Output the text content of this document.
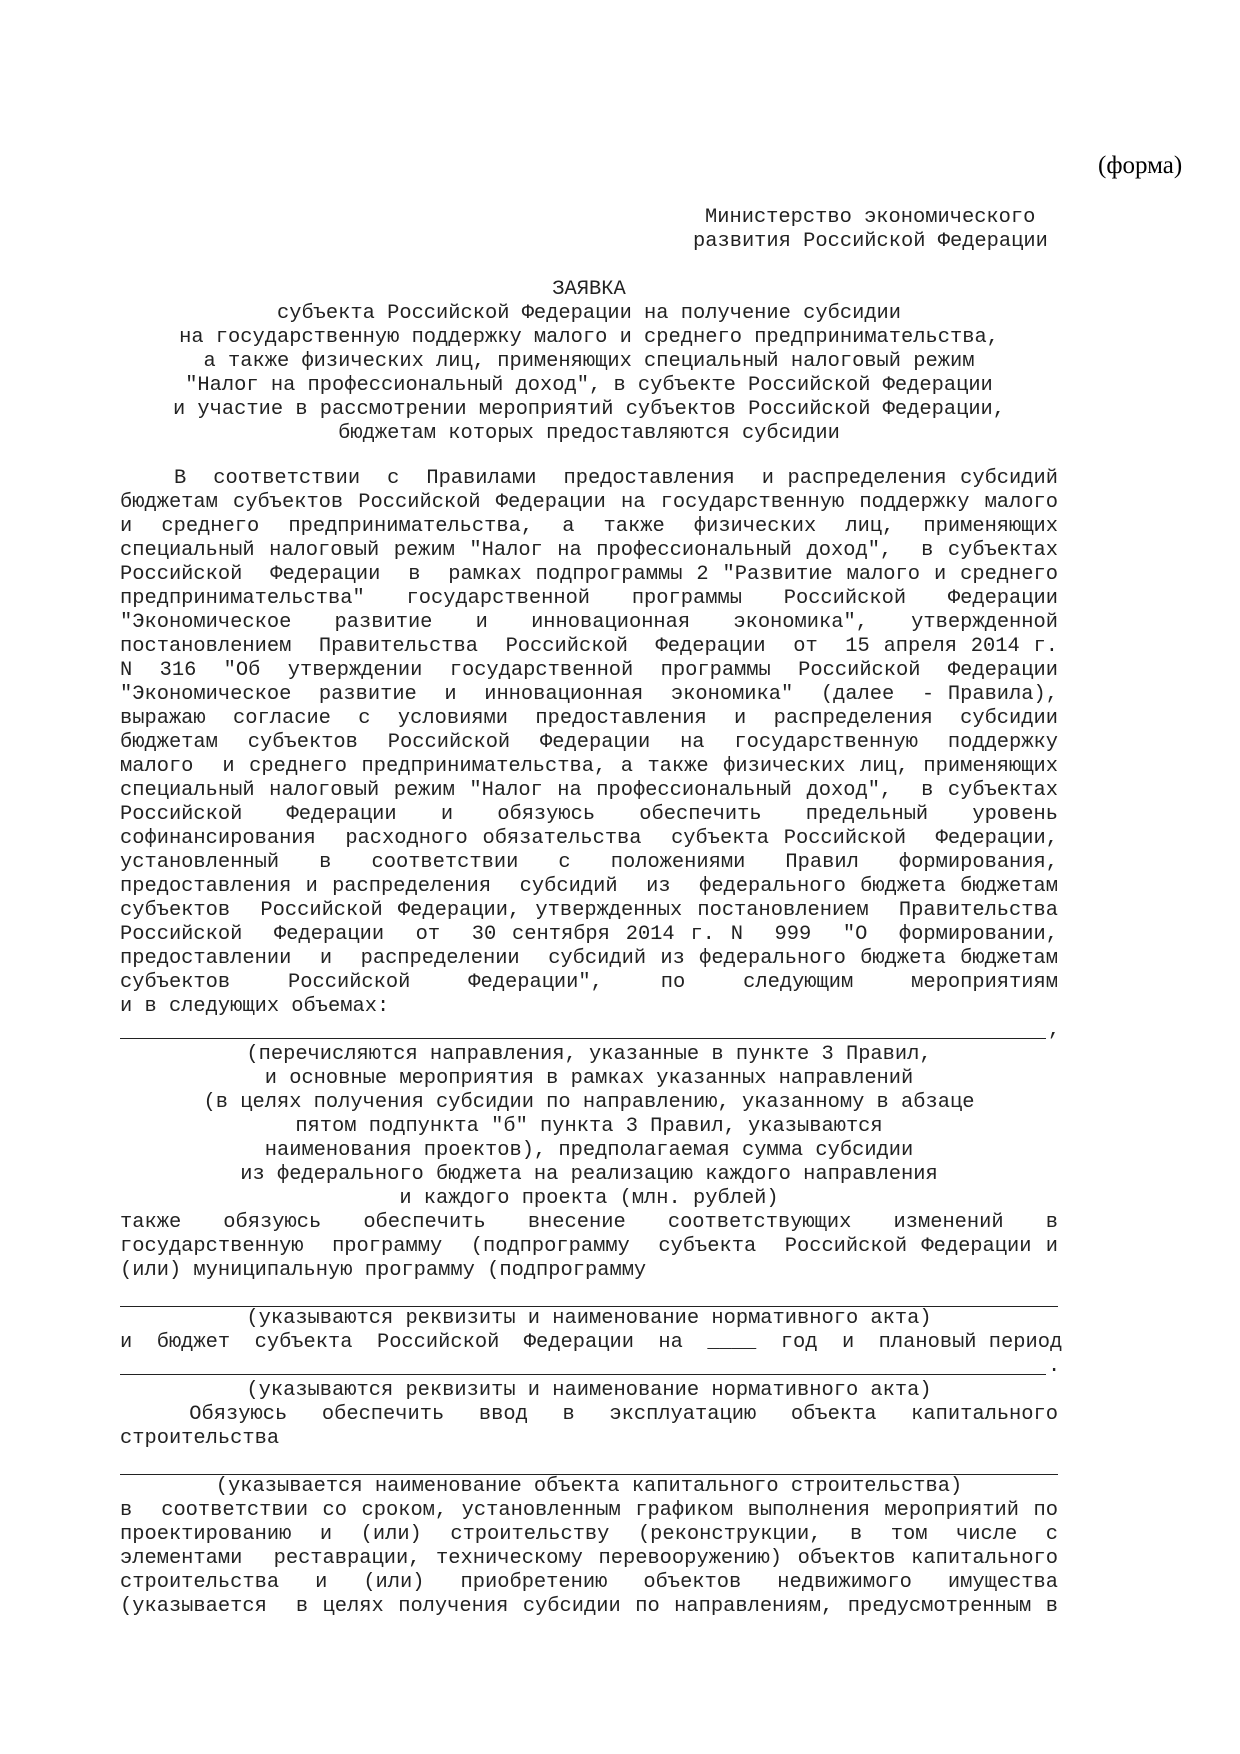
(форма)
Министерство экономического
развития Российской Федерации
ЗАЯВКА
субъекта Российской Федерации на получение субсидии
на государственную поддержку малого и среднего предпринимательства,
а также физических лиц, применяющих специальный налоговый режим
"Налог на профессиональный доход", в субъекте Российской Федерации
и участие в рассмотрении мероприятий субъектов Российской Федерации,
бюджетам которых предоставляются субсидии
В  соответствии  с  Правилами  предоставления  и распределения субсидий
бюджетам субъектов Российской Федерации на государственную поддержку малого
и  среднего  предпринимательства,  а  также  физических  лиц,  применяющих
специальный налоговый режим "Налог на профессиональный доход",  в субъектах
Российской  Федерации  в  рамках подпрограммы 2 "Развитие малого и среднего
предпринимательства"  государственной  программы  Российской  Федерации
"Экономическое  развитие  и  инновационная  экономика",  утвержденной
постановлением  Правительства  Российской  Федерации  от  15 апреля 2014 г.
N  316  "Об  утверждении  государственной  программы  Российской  Федерации
"Экономическое  развитие  и  инновационная  экономика"  (далее  - Правила),
выражаю  согласие  с  условиями  предоставления  и  распределения  субсидии
бюджетам  субъектов  Российской  Федерации  на  государственную  поддержку
малого  и среднего предпринимательства, а также физических лиц, применяющих
специальный налоговый режим "Налог на профессиональный доход",  в субъектах
Российской  Федерации  и  обязуюсь  обеспечить  предельный  уровень
софинансирования  расходного обязательства  субъекта Российской  Федерации,
установленный  в  соответствии  с  положениями  Правил  формирования,
предоставления и распределения  субсидий  из  федерального бюджета бюджетам
субъектов  Российской Федерации, утвержденных постановлением  Правительства
Российской  Федерации  от  30 сентября 2014 г. N  999  "О  формировании,
предоставлении  и  распределении  субсидий из федерального бюджета бюджетам
субъектов  Российской  Федерации",  по  следующим  мероприятиям
и в следующих объемах:
,
(перечисляются направления, указанные в пункте 3 Правил,
и основные мероприятия в рамках указанных направлений
(в целях получения субсидии по направлению, указанному в абзаце
пятом подпункта "б" пункта 3 Правил, указываются
наименования проектов), предполагаемая сумма субсидии
из федерального бюджета на реализацию каждого направления
и каждого проекта (млн. рублей)
также  обязуюсь  обеспечить  внесение  соответствующих  изменений  в
государственную  программу  (подпрограмму  субъекта  Российской Федерации и
(или) муниципальную программу (подпрограмму
(указываются реквизиты и наименование нормативного акта)
и  бюджет  субъекта  Российской  Федерации  на  ____  год  и  плановый период
.
(указываются реквизиты и наименование нормативного акта)
Обязуюсь  обеспечить  ввод  в  эксплуатацию  объекта  капитального
строительства
(указывается наименование объекта капитального строительства)
в  соответствии со сроком, установленным графиком выполнения мероприятий по
проектированию  и  (или)  строительству  (реконструкции,  в  том  числе  с
элементами  реставрации, техническому перевооружению) объектов капитального
строительства  и  (или)  приобретению  объектов  недвижимого  имущества
(указывается  в целях получения субсидии по направлениям, предусмотренным в
